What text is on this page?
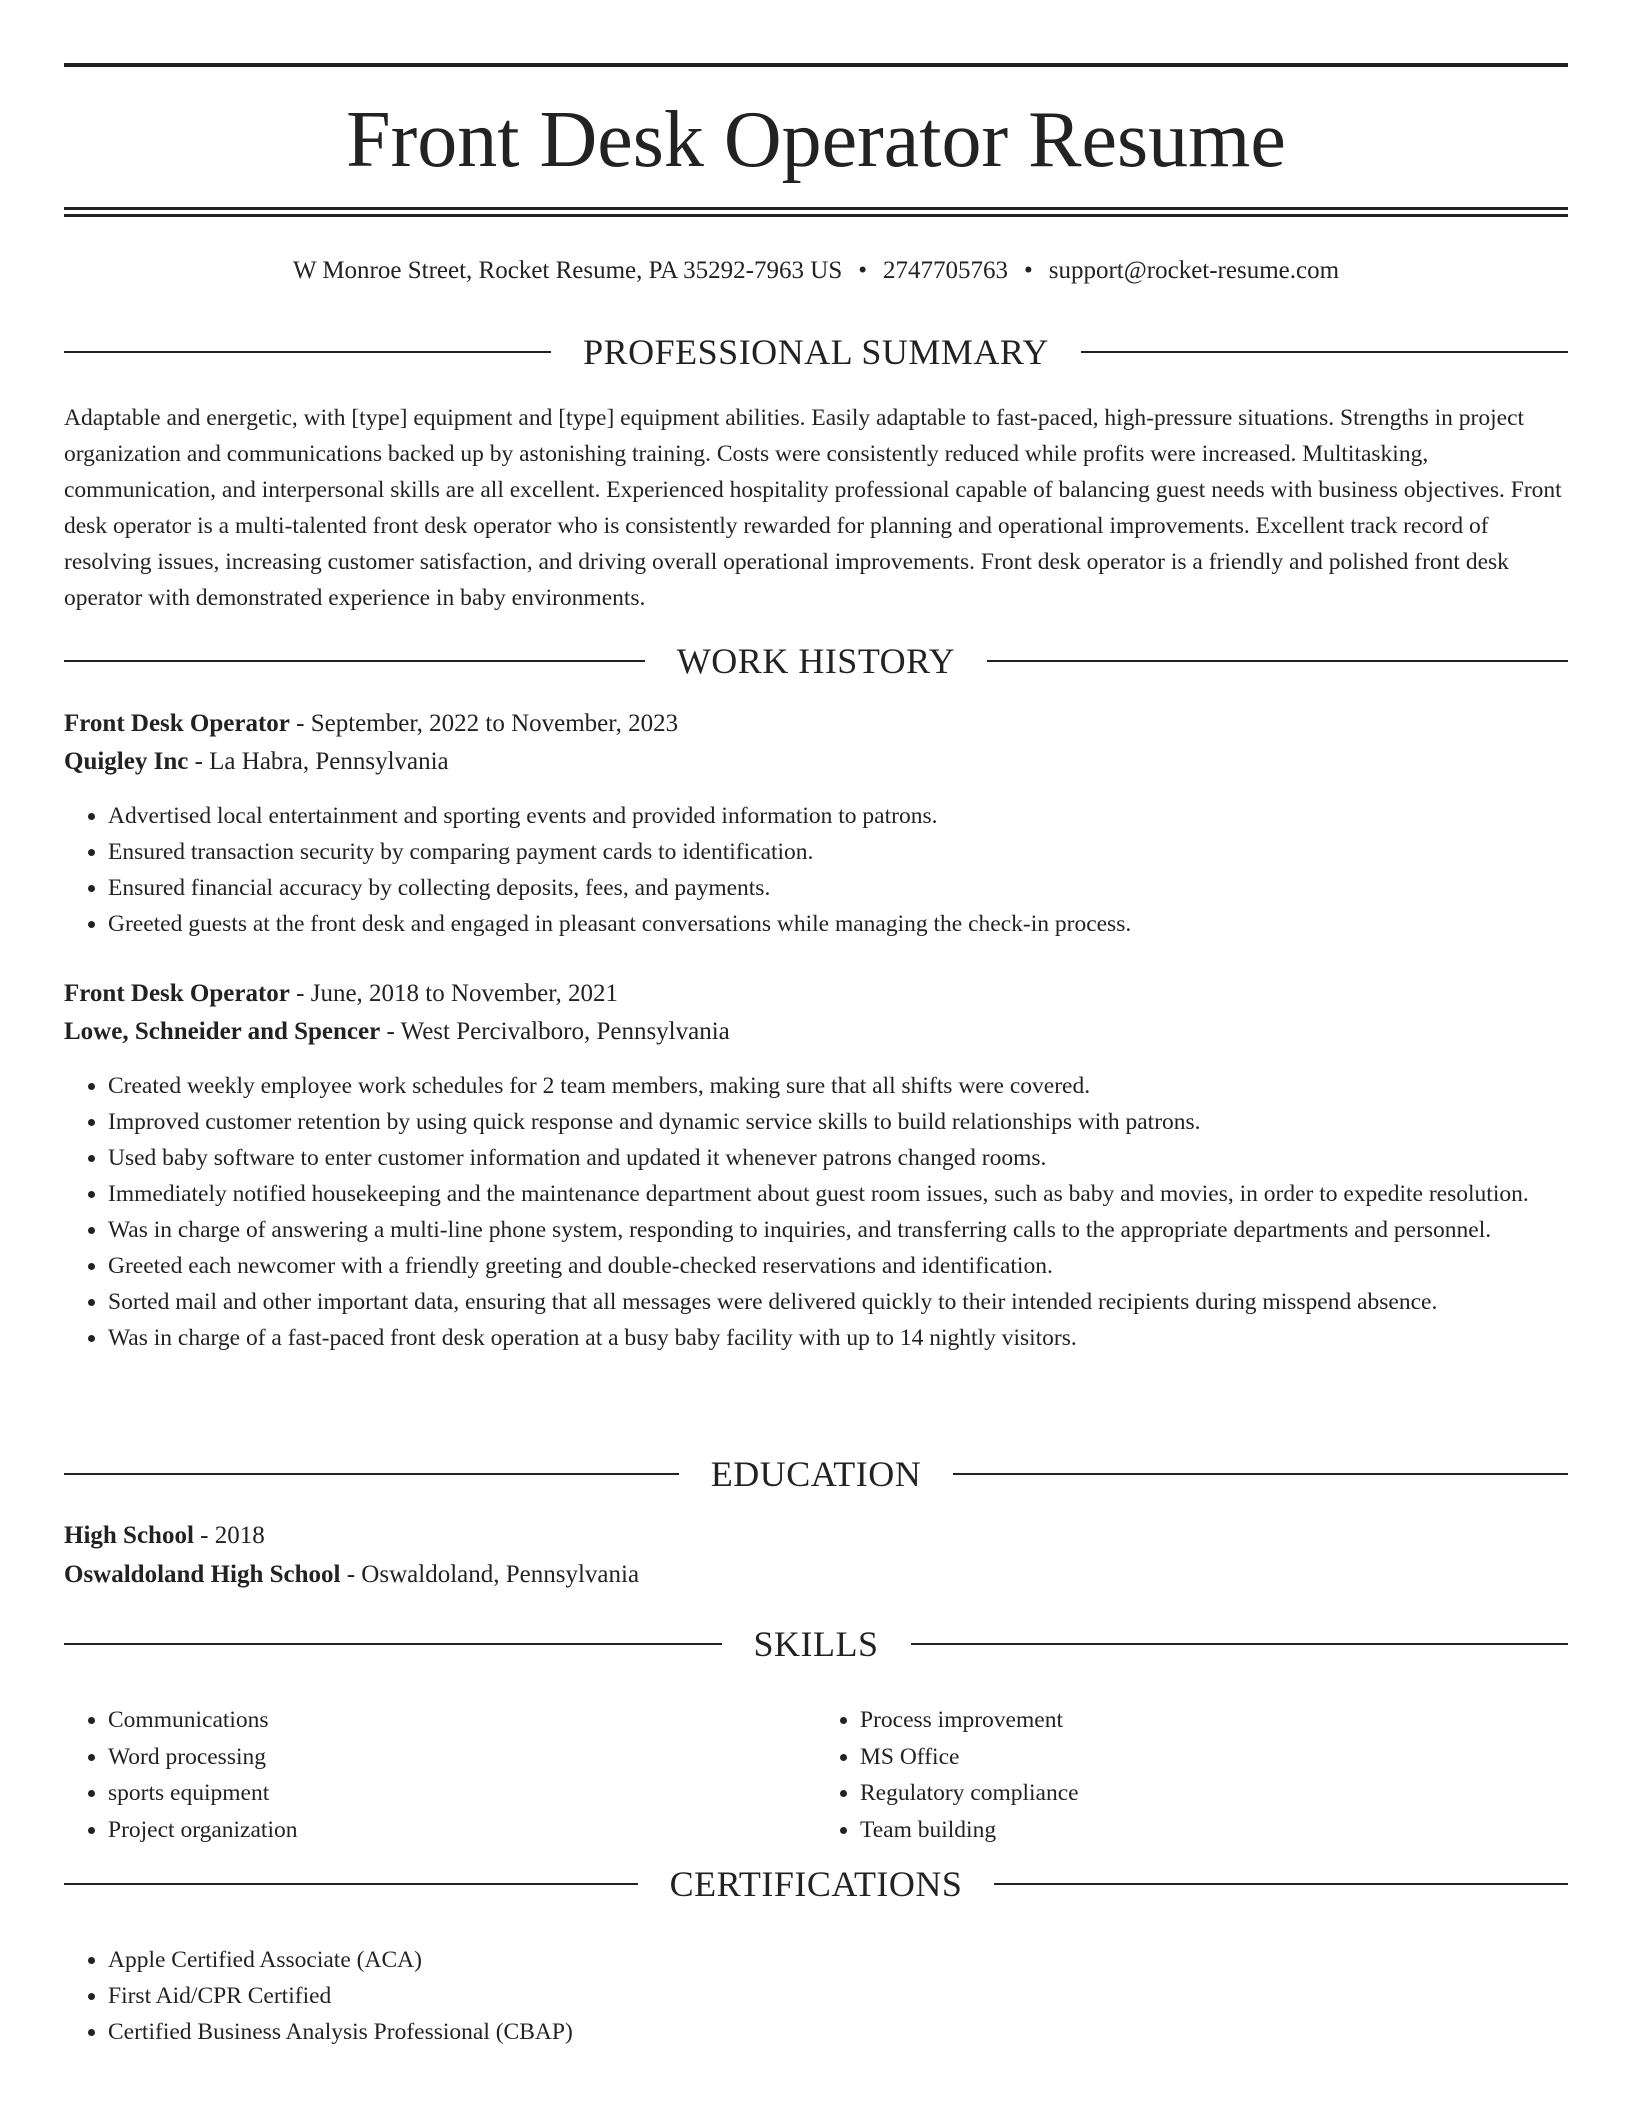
Front Desk Operator Resume
W Monroe Street, Rocket Resume, PA 35292-7963 US • 2747705763 • support@rocket-resume.com
PROFESSIONAL SUMMARY

Adaptable and energetic, with [type] equipment and [type] equipment abilities. Easily adaptable to fast-paced, high-pressure situations. Strengths in project organization and communications backed up by astonishing training. Costs were consistently reduced while profits were increased. Multitasking, communication, and interpersonal skills are all excellent. Experienced hospitality professional capable of balancing guest needs with business objectives. Front desk operator is a multi-talented front desk operator who is consistently rewarded for planning and operational improvements. Excellent track record of resolving issues, increasing customer satisfaction, and driving overall operational improvements. Front desk operator is a friendly and polished front desk operator with demonstrated experience in baby environments.

WORK HISTORY
Front Desk Operator - September, 2022 to November, 2023
Quigley Inc - La Habra, Pennsylvania
• Advertised local entertainment and sporting events and provided information to patrons.
• Ensured transaction security by comparing payment cards to identification.
• Ensured financial accuracy by collecting deposits, fees, and payments.
• Greeted guests at the front desk and engaged in pleasant conversations while managing the check-in process.
Front Desk Operator - June, 2018 to November, 2021
Lowe, Schneider and Spencer - West Percivalboro, Pennsylvania
• Created weekly employee work schedules for 2 team members, making sure that all shifts were covered.
• Improved customer retention by using quick response and dynamic service skills to build relationships with patrons.
• Used baby software to enter customer information and updated it whenever patrons changed rooms.
• Immediately notified housekeeping and the maintenance department about guest room issues, such as baby and movies, in order to expedite resolution.
• Was in charge of answering a multi-line phone system, responding to inquiries, and transferring calls to the appropriate departments and personnel.
• Greeted each newcomer with a friendly greeting and double-checked reservations and identification.
• Sorted mail and other important data, ensuring that all messages were delivered quickly to their intended recipients during misspend absence.
• Was in charge of a fast-paced front desk operation at a busy baby facility with up to 14 nightly visitors.
EDUCATION
High School - 2018
Oswaldoland High School - Oswaldoland, Pennsylvania
SKILLS
• Communications
• Word processing
• sports equipment
• Project organization
• Process improvement
• MS Office
• Regulatory compliance
• Team building
CERTIFICATIONS
• Apple Certified Associate (ACA)
• First Aid/CPR Certified
• Certified Business Analysis Professional (CBAP)
